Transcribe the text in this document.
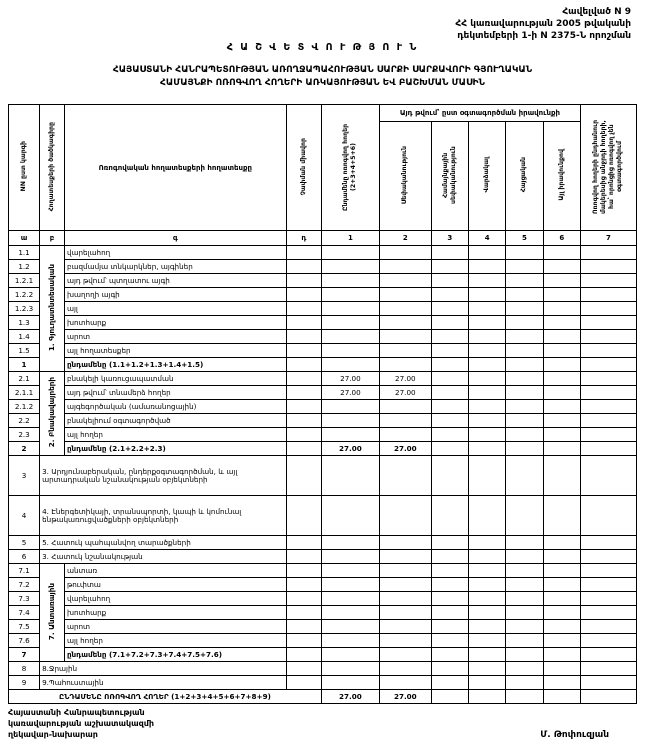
Հավելված N 9
ՀՀ կառավարության 2005 թվականի
դեկտեմբերի 1-ի N 2375-Ն որոշման
Հ Ա Շ Վ Ե Տ Վ Ո Ւ Թ Յ Ո Ւ Ն
ՀԱՅԱՍՏԱՆԻ ՀԱՆՐԱՊԵՏՈՒԹՅԱՆ ԱՌՈՂՋԱՊԱՀՈՒԹՅԱՆ ՍԱՐՔԻ ՍԱՐՔԱՎՈՐԻ ԳՅՈՒՂԱԿԱՆ
ՀԱՄԱՅՆՔԻ ՈՌՈԳՎՈՂ ՀՈՂԵՐԻ ԱՌԿԱՅՈՒԹՅԱՆ ԵՎ ԲԱՇԽՄԱՆ ՄԱՍԻՆ
NN ըստ կարգի	Հողատեսքերի ծածկագիրը	Ոռոգովական հողատեսքերի հողատեսքը	Չափման միավոր	Ընդամենը ոռոգվող հողեր (2+3+4+5+6)	Այդ թվում՝ ըստ օգտագործման իրավունքի					Ոռոգվող հողերի ընդհանուր մակերեսից անջրդի հողերի, հա՝ որոնցից ոռոգվող չեն օգտագործվում
					Սեփականություն	Համայնքային սեփականություն	Վարձակալ	Հայցական	Այլ իրավունքով	
ա	բ	գ	դ	1	2	3	4	5	6	7
1.1	1. Գյուղատնտեսական	վարելահող								
1.2		բազմամյա տնկարկներ, այգիներ								
1.2.1		այդ թվում՝ պտղատու այգի								
1.2.2		խաղողի այգի								
1.2.3		այլ								
1.3		խոտհարք								
1.4		արոտ								
1.5		այլ հողատեսքեր								
1		ընդամենը (1.1+1.2+1.3+1.4+1.5)								
2.1	2. Բնակավայրերի	բնակելի կառուցապատման		27.00	27.00					
2.1.1		այդ թվում՝ տնամերձ հողեր		27.00	27.00					
2.1.2		այգեգործական (ամառանոցային)								
2.2		բնակելիում օգտագործված								
2.3		այլ հողեր								
2		ընդամենը (2.1+2.2+2.3)		27.00	27.00					
3	3. Արդյունաբերական, ընդերքօգտագործման, և այլ արտադրական նշանակության օբյեկտների									
4	4. Էներգետիկայի, տրանսպորտի, կապի և կոմունալ ենթակառուցվածքների օբյեկտների									
5	5. Հատուկ պահպանվող տարածքների									
6	3. Հատուկ նշանակության									
7.1	7. Անտառային	անտառ								
7.2		թուփտա								
7.3		վարելահող								
7.4		խոտհարք								
7.5		արոտ								
7.6		այլ հողեր								
7		ընդամենը (7.1+7.2+7.3+7.4+7.5+7.6)								
8	8.Ջրային									
9	9.Պահուստային									
ԸՆԴԱՄԵՆԸ ՈՌՈԳՎՈՂ ՀՈՂԵՐ (1+2+3+4+5+6+7+8+9)				27.00	27.00					
Հայաստանի Հանրապետության
կառավարության աշխատակազմի
ղեկավար-նախարար	Մ. Թոփուզյան
